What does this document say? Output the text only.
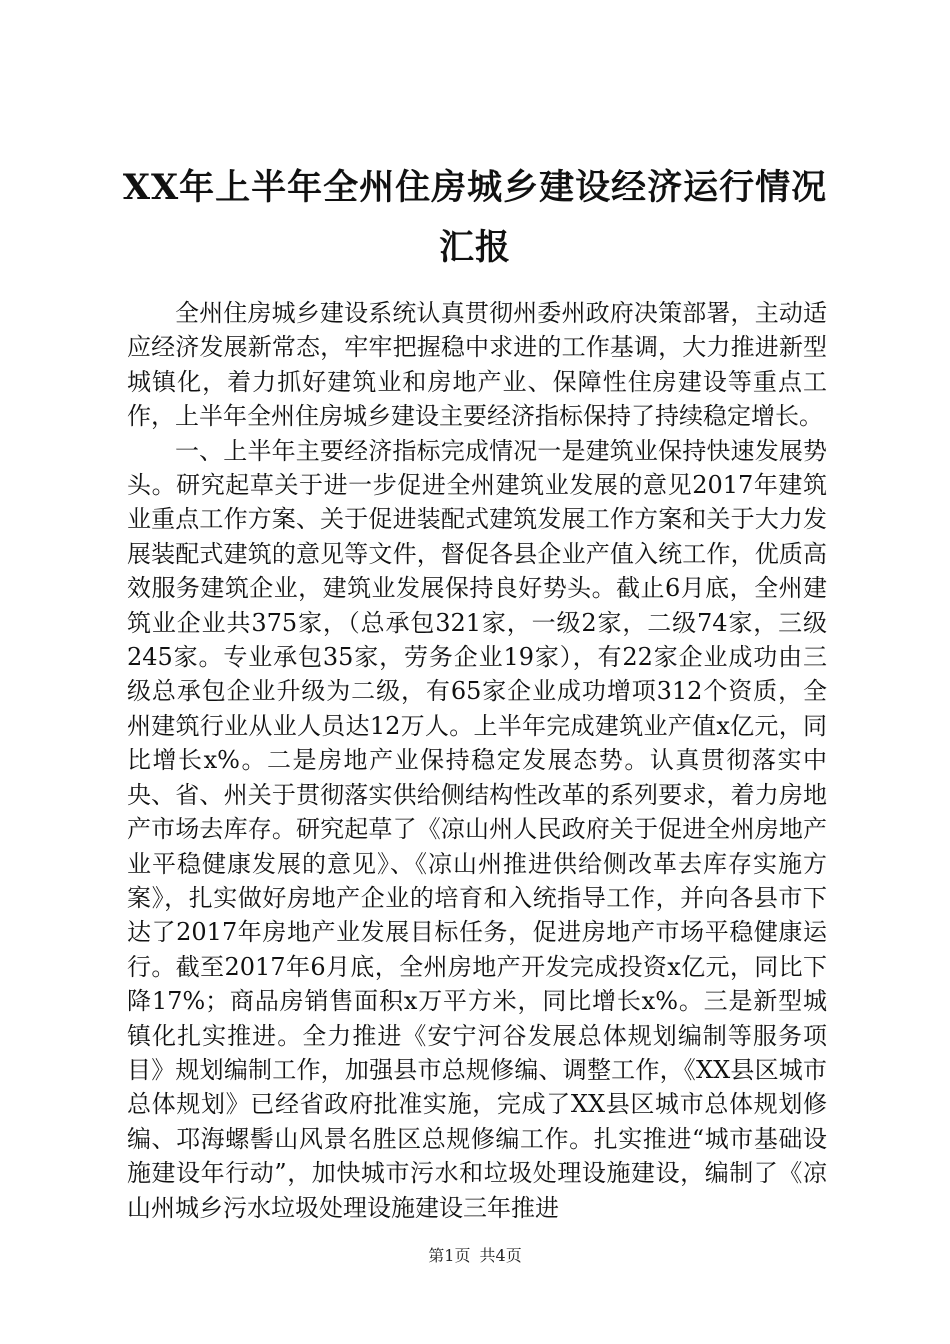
XX年上半年全州住房城乡建设经济运行情况
汇报

全州住房城乡建设系统认真贯彻州委州政府决策部署，主动适应经济发展新常态，牢牢把握稳中求进的工作基调，大力推进新型城镇化，着力抓好建筑业和房地产业、保障性住房建设等重点工作，上半年全州住房城乡建设主要经济指标保持了持续稳定增长。

一、上半年主要经济指标完成情况一是建筑业保持快速发展势头。研究起草关于进一步促进全州建筑业发展的意见2017年建筑业重点工作方案、关于促进装配式建筑发展工作方案和关于大力发展装配式建筑的意见等文件，督促各县企业产值入统工作，优质高效服务建筑企业，建筑业发展保持良好势头。截止6月底，全州建筑业企业共375家，（总承包321家，一级2家，二级74家，三级245家。专业承包35家，劳务企业19家），有22家企业成功由三级总承包企业升级为二级，有65家企业成功增项312个资质，全州建筑行业从业人员达12万人。上半年完成建筑业产值x亿元，同比增长x%。二是房地产业保持稳定发展态势。认真贯彻落实中央、省、州关于贯彻落实供给侧结构性改革的系列要求，着力房地产市场去库存。研究起草了《凉山州人民政府关于促进全州房地产业平稳健康发展的意见》、《凉山州推进供给侧改革去库存实施方案》，扎实做好房地产企业的培育和入统指导工作，并向各县市下达了2017年房地产业发展目标任务，促进房地产市场平稳健康运行。截至2017年6月底，全州房地产开发完成投资x亿元，同比下降17%；商品房销售面积x万平方米，同比增长x%。三是新型城镇化扎实推进。全力推进《安宁河谷发展总体规划编制等服务项目》规划编制工作，加强县市总规修编、调整工作，《XX县区城市总体规划》已经省政府批准实施，完成了XX县区城市总体规划修编、邛海螺髻山风景名胜区总规修编工作。扎实推进“城市基础设施建设年行动”，加快城市污水和垃圾处理设施建设，编制了《凉山州城乡污水垃圾处理设施建设三年推进

第1页 共4页
